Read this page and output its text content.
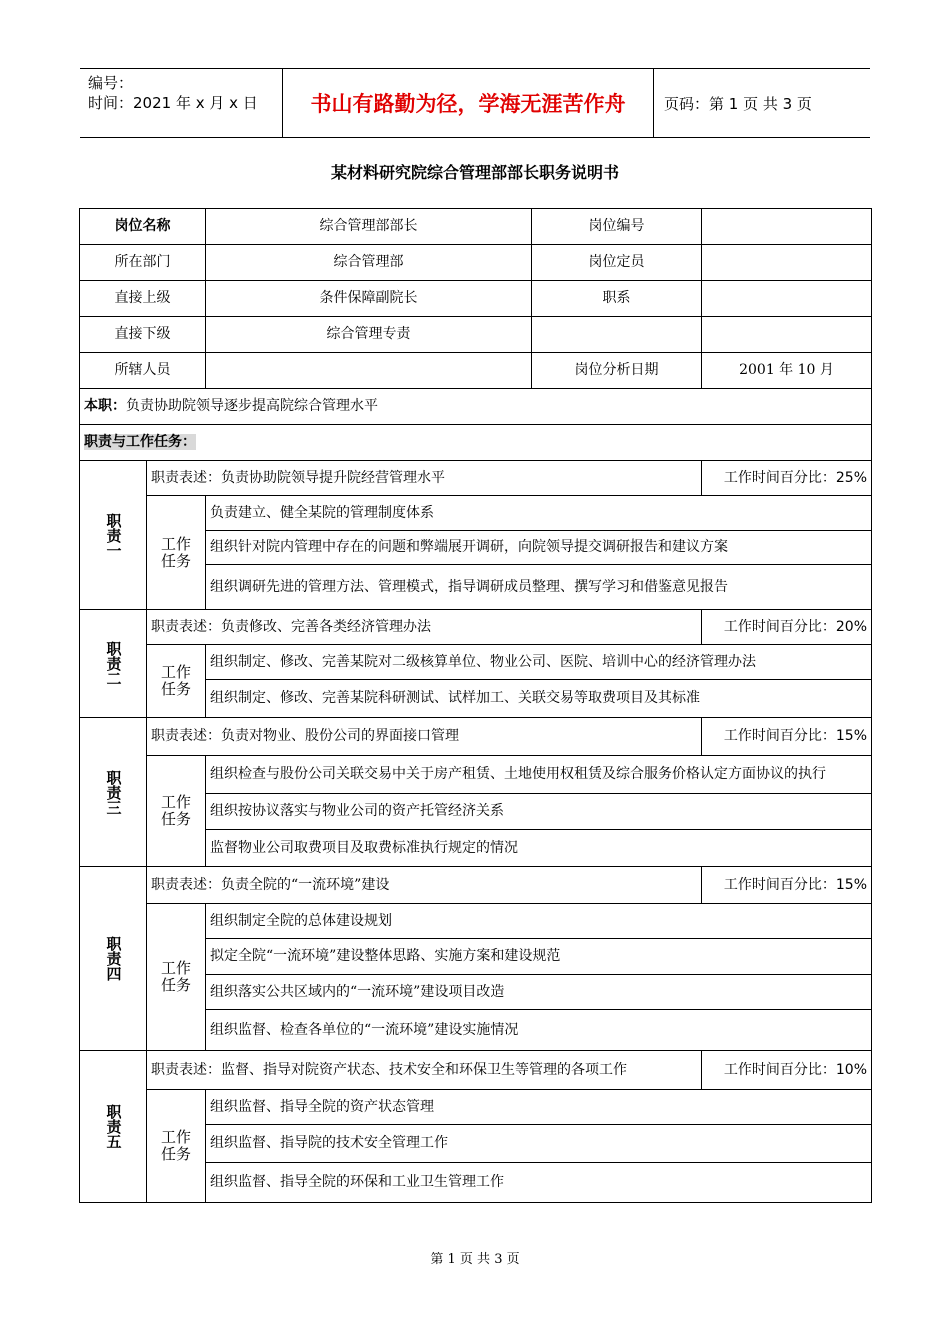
编号：
时间：2021 年 x 月 x 日	书山有路勤为径，学海无涯苦作舟	页码：第 1 页 共 3 页
某材料研究院综合管理部部长职务说明书
岗位名称		综合管理部部长	岗位编号	
所在部门		综合管理部	岗位定员	
直接上级		条件保障副院长	职系	
直接下级		综合管理专责		
所辖人员			岗位分析日期	2001 年 10 月
本职：负责协助院领导逐步提高院综合管理水平				
职责与工作任务：				
职责一	职责表述：负责协助院领导提升院经营管理水平			工作时间百分比：25%
	工作任务	负责建立、健全某院的管理制度体系		
		组织针对院内管理中存在的问题和弊端展开调研，向院领导提交调研报告和建议方案		
		组织调研先进的管理方法、管理模式，指导调研成员整理、撰写学习和借鉴意见报告		
职责二	职责表述：负责修改、完善各类经济管理办法			工作时间百分比：20%
	工作任务	组织制定、修改、完善某院对二级核算单位、物业公司、医院、培训中心的经济管理办法		
		组织制定、修改、完善某院科研测试、试样加工、关联交易等取费项目及其标准		
职责三	职责表述：负责对物业、股份公司的界面接口管理			工作时间百分比：15%
	工作任务	组织检查与股份公司关联交易中关于房产租赁、土地使用权租赁及综合服务价格认定方面协议的执行		
		组织按协议落实与物业公司的资产托管经济关系		
		监督物业公司取费项目及取费标准执行规定的情况		
职责四	职责表述：负责全院的“一流环境”建设			工作时间百分比：15%
	工作任务	组织制定全院的总体建设规划		
		拟定全院“一流环境”建设整体思路、实施方案和建设规范		
		组织落实公共区域内的“一流环境”建设项目改造		
		组织监督、检查各单位的“一流环境”建设实施情况		
职责五	职责表述：监督、指导对院资产状态、技术安全和环保卫生等管理的各项工作			工作时间百分比：10%
	工作任务	组织监督、指导全院的资产状态管理		
		组织监督、指导院的技术安全管理工作		
		组织监督、指导全院的环保和工业卫生管理工作		
第 1 页 共 3 页
